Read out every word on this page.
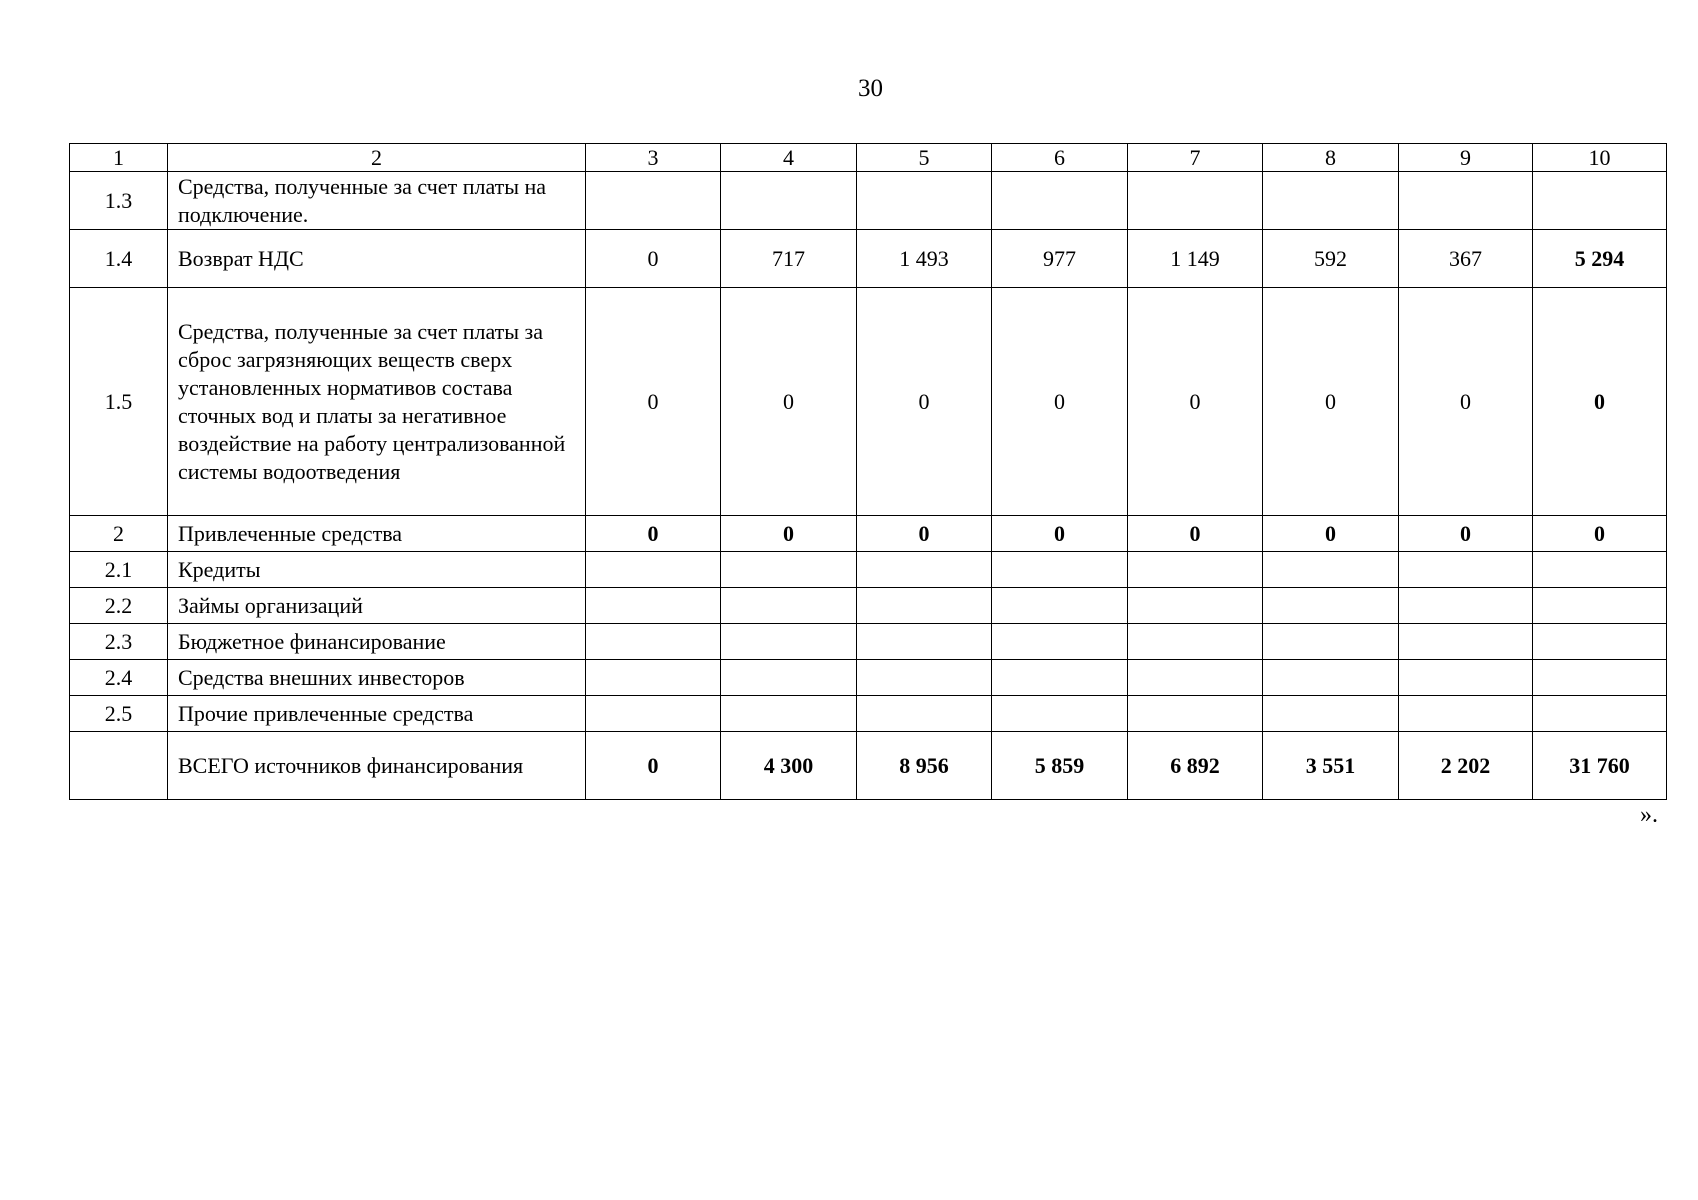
30
1	2	3	4	5	6	7	8	9	10
1.3	Средства, полученные за счет платы на подключение.								
1.4	Возврат НДС	0	717	1 493	977	1 149	592	367	5 294
1.5	Средства, полученные за счет платы за сброс загрязняющих веществ сверх установленных нормативов состава сточных вод и платы за негативное воздействие на работу централизованной системы водоотведения	0	0	0	0	0	0	0	0
2	Привлеченные средства	0	0	0	0	0	0	0	0
2.1	Кредиты								
2.2	Займы организаций								
2.3	Бюджетное финансирование								
2.4	Средства внешних инвесторов								
2.5	Прочие привлеченные средства								
	ВСЕГО источников финансирования	0	4 300	8 956	5 859	6 892	3 551	2 202	31 760
».
